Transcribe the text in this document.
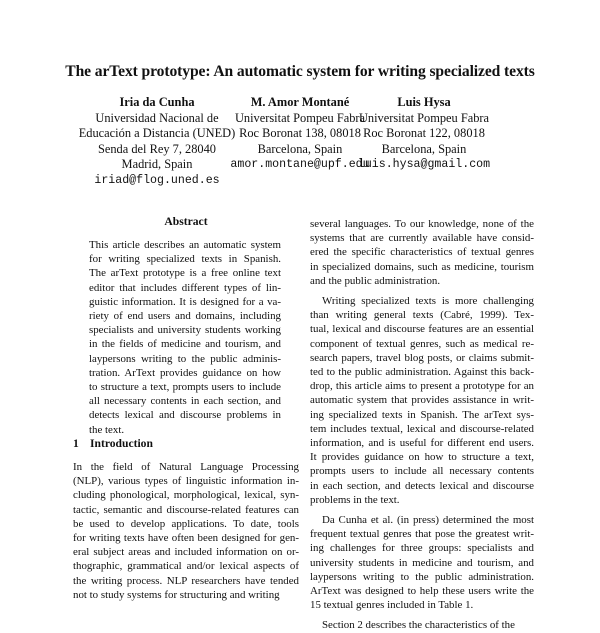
The arText prototype: An automatic system for writing specialized texts
Iria da Cunha
Universidad Nacional de
Educación a Distancia (UNED)
Senda del Rey 7, 28040
Madrid, Spain
iriad@flog.uned.es
M. Amor Montané
Universitat Pompeu Fabra
Roc Boronat 138, 08018
Barcelona, Spain
amor.montane@upf.edu
Luis Hysa
Universitat Pompeu Fabra
Roc Boronat 122, 08018
Barcelona, Spain
luis.hysa@gmail.com
Abstract
This article describes an automatic system
for writing specialized texts in Spanish.
The arText prototype is a free online text
editor that includes different types of lin-
guistic information. It is designed for a va-
riety of end users and domains, including
specialists and university students working
in the fields of medicine and tourism, and
laypersons writing to the public adminis-
tration. ArText provides guidance on how
to structure a text, prompts users to include
all necessary contents in each section, and
detects lexical and discourse problems in
the text.
1 Introduction
In the field of Natural Language Processing
(NLP), various types of linguistic information in-
cluding phonological, morphological, lexical, syn-
tactic, semantic and discourse-related features can
be used to develop applications. To date, tools
for writing texts have often been designed for gen-
eral subject areas and included information on or-
thographic, grammatical and/or lexical aspects of
the writing process. NLP researchers have tended
not to study systems for structuring and writing
several languages. To our knowledge, none of the
systems that are currently available have consid-
ered the specific characteristics of textual genres
in specialized domains, such as medicine, tourism
and the public administration.
Writing specialized texts is more challenging
than writing general texts (Cabré, 1999). Tex-
tual, lexical and discourse features are an essential
component of textual genres, such as medical re-
search papers, travel blog posts, or claims submit-
ted to the public administration. Against this back-
drop, this article aims to present a prototype for an
automatic system that provides assistance in writ-
ing specialized texts in Spanish. The arText sys-
tem includes textual, lexical and discourse-related
information, and is useful for different end users.
It provides guidance on how to structure a text,
prompts users to include all necessary contents
in each section, and detects lexical and discourse
problems in the text.
Da Cunha et al. (in press) determined the most
frequent textual genres that pose the greatest writ-
ing challenges for three groups: specialists and
university students in medicine and tourism, and
laypersons writing to the public administration.
ArText was designed to help these users write the
15 textual genres included in Table 1.
Section 2 describes the characteristics of the
